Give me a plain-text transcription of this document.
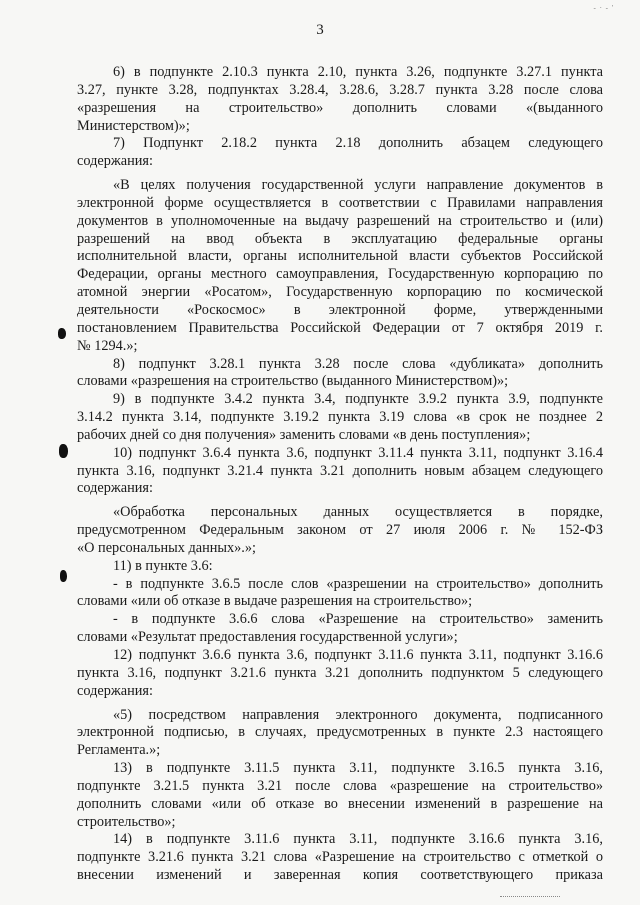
- · - '
3
6) в подпункте 2.10.3 пункта 2.10, пункта 3.26, подпункте 3.27.1 пункта
3.27, пункте 3.28, подпунктах 3.28.4, 3.28.6, 3.28.7 пункта 3.28 после слова
«разрешения на строительство» дополнить словами «(выданного
Министерством)»;
7) Подпункт 2.18.2 пункта 2.18 дополнить абзацем следующего
содержания:
«В целях получения государственной услуги направление документов в
электронной форме осуществляется в соответствии с Правилами направления
документов в уполномоченные на выдачу разрешений на строительство и (или)
разрешений на ввод объекта в эксплуатацию федеральные органы
исполнительной власти, органы исполнительной власти субъектов Российской
Федерации, органы местного самоуправления, Государственную корпорацию по
атомной энергии «Росатом», Государственную корпорацию по космической
деятельности «Роскосмос» в электронной форме, утвержденными
постановлением Правительства Российской Федерации от 7 октября 2019 г.
№ 1294.»;
8) подпункт 3.28.1 пункта 3.28 после слова «дубликата» дополнить
словами «разрешения на строительство (выданного Министерством)»;
9) в подпункте 3.4.2 пункта 3.4, подпункте 3.9.2 пункта 3.9, подпункте
3.14.2 пункта 3.14, подпункте 3.19.2 пункта 3.19 слова «в срок не позднее 2
рабочих дней со дня получения» заменить словами «в день поступления»;
10) подпункт 3.6.4 пункта 3.6, подпункт 3.11.4 пункта 3.11, подпункт 3.16.4
пункта 3.16, подпункт 3.21.4 пункта 3.21 дополнить новым абзацем следующего
содержания:
«Обработка персональных данных осуществляется в порядке,
предусмотренном Федеральным законом от 27 июля 2006 г. № 152-ФЗ
«О персональных данных».»;
11) в пункте 3.6:
- в подпункте 3.6.5 после слов «разрешении на строительство» дополнить
словами «или об отказе в выдаче разрешения на строительство»;
- в подпункте 3.6.6 слова «Разрешение на строительство» заменить
словами «Результат предоставления государственной услуги»;
12) подпункт 3.6.6 пункта 3.6, подпункт 3.11.6 пункта 3.11, подпункт 3.16.6
пункта 3.16, подпункт 3.21.6 пункта 3.21 дополнить подпунктом 5 следующего
содержания:
«5) посредством направления электронного документа, подписанного
электронной подписью, в случаях, предусмотренных в пункте 2.3 настоящего
Регламента.»;
13) в подпункте 3.11.5 пункта 3.11, подпункте 3.16.5 пункта 3.16,
подпункте 3.21.5 пункта 3.21 после слова «разрешение на строительство»
дополнить словами «или об отказе во внесении изменений в разрешение на
строительство»;
14) в подпункте 3.11.6 пункта 3.11, подпункте 3.16.6 пункта 3.16,
подпункте 3.21.6 пункта 3.21 слова «Разрешение на строительство с отметкой о
внесении изменений и заверенная копия соответствующего приказа
